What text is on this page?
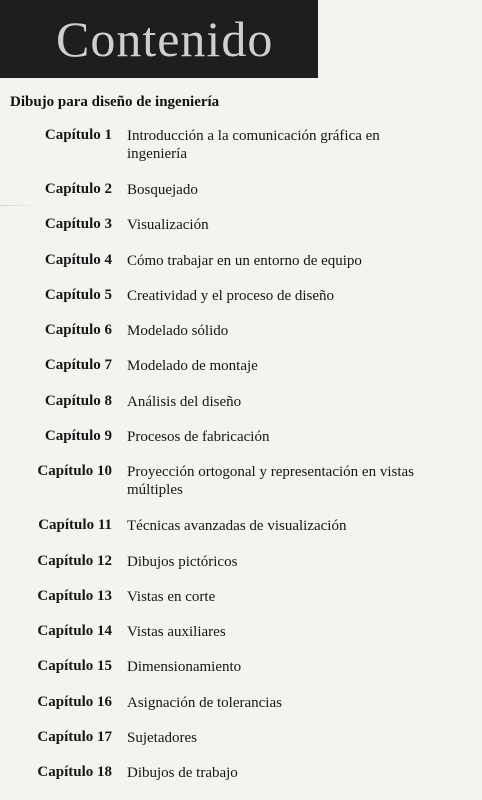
Contenido
Dibujo para diseño de ingeniería
Capítulo 1 Introducción a la comunicación gráfica en ingeniería
Capítulo 2 Bosquejado
Capítulo 3 Visualización
Capítulo 4 Cómo trabajar en un entorno de equipo
Capítulo 5 Creatividad y el proceso de diseño
Capítulo 6 Modelado sólido
Capítulo 7 Modelado de montaje
Capítulo 8 Análisis del diseño
Capítulo 9 Procesos de fabricación
Capítulo 10 Proyección ortogonal y representación en vistas múltiples
Capítulo 11 Técnicas avanzadas de visualización
Capítulo 12 Dibujos pictóricos
Capítulo 13 Vistas en corte
Capítulo 14 Vistas auxiliares
Capítulo 15 Dimensionamiento
Capítulo 16 Asignación de tolerancias
Capítulo 17 Sujetadores
Capítulo 18 Dibujos de trabajo
